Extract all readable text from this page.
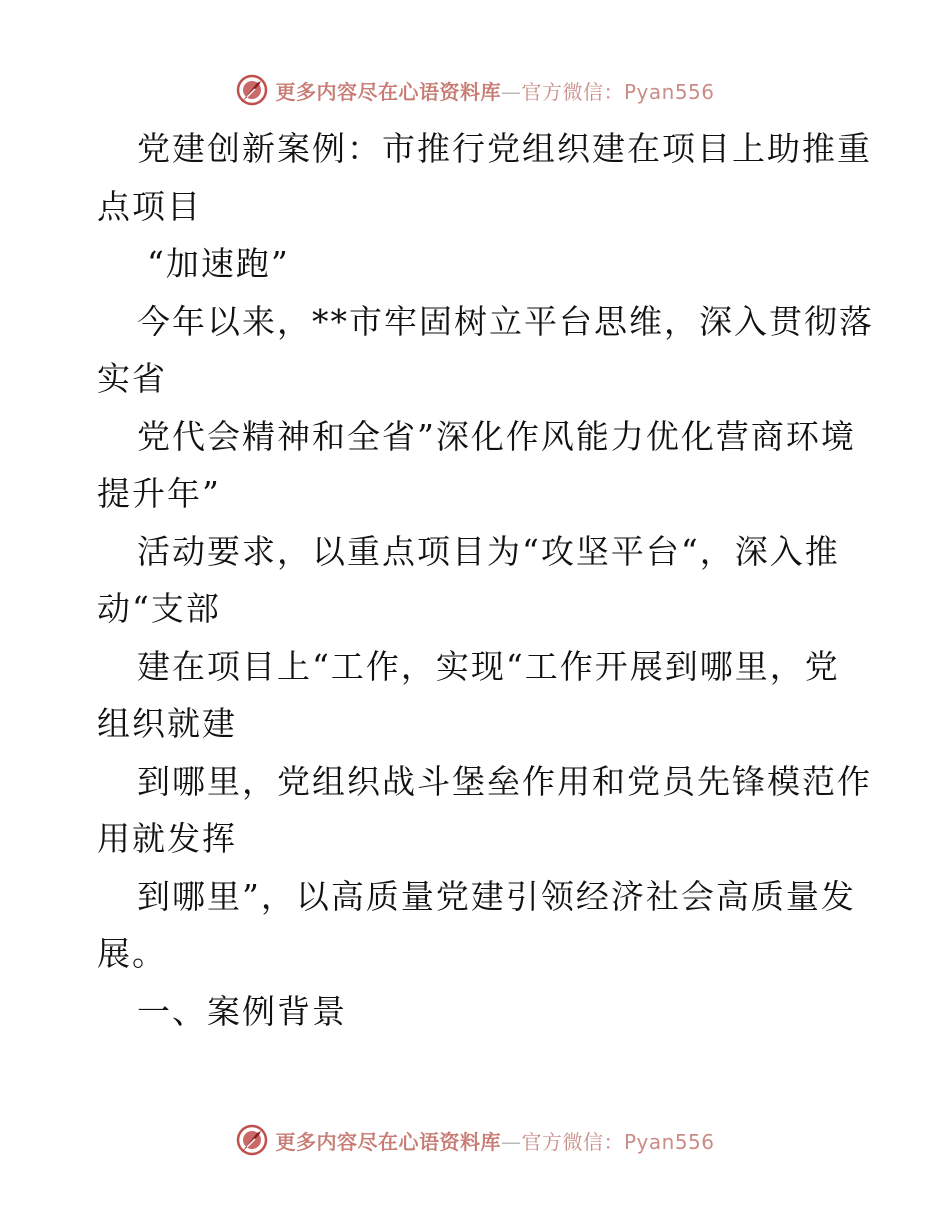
更多内容尽在心语资料库—官方微信：Pyan556
党建创新案例：市推行党组织建在项目上助推重
点项目
“加速跑”
今年以来，**市牢固树立平台思维，深入贯彻落
实省
党代会精神和全省”深化作风能力优化营商环境
提升年”
活动要求，以重点项目为“攻坚平台“，深入推
动“支部
建在项目上“工作，实现“工作开展到哪里，党
组织就建
到哪里，党组织战斗堡垒作用和党员先锋模范作
用就发挥
到哪里”，以高质量党建引领经济社会高质量发
展。
一、案例背景
更多内容尽在心语资料库—官方微信：Pyan556
